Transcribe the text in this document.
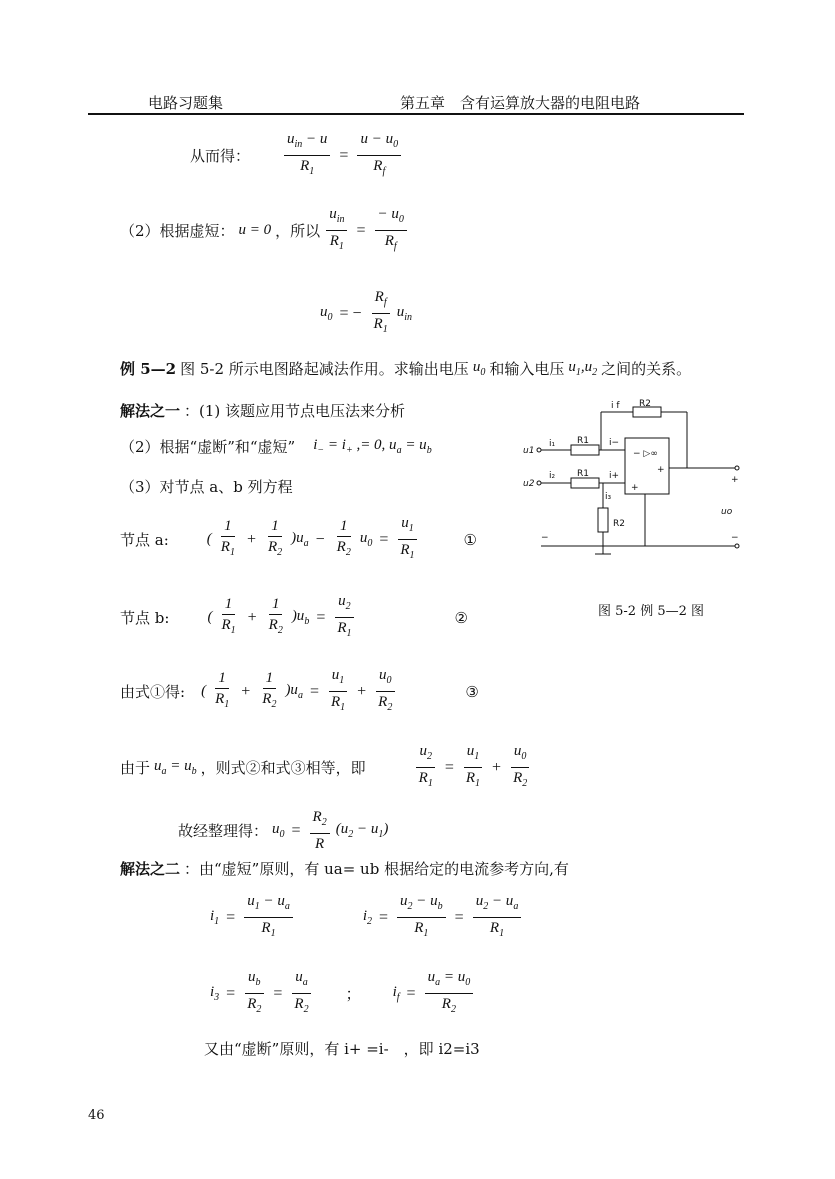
电路习题集	第五章　含有运算放大器的电阻电路
从而得： $\frac{u_{in} - u}{R_1} = \frac{u - u_0}{R_f}$
（2）根据虚短： u = 0 ，所以 $\frac{u_{in}}{R_1} = \frac{- u_0}{R_f}$
$u_0$ = − $\frac{R_f}{R_1} u_{in}$
例 5—2 图 5-2 所示电图路起减法作用。求输出电压 $u_0$ 和输入电压 $u_1,u_2$ 之间的关系。
解法之一 ：(1) 该题应用节点电压法来分析
（2）根据“虚断”和“虚短” $i_- = i_+$ ,= 0, $u_a = u_b$
（3）对节点 a、b 列方程
节点 a:	( $\frac{1}{R_1} + \frac{1}{R_2} )u_a - \frac{1}{R_2} u_0 = \frac{u_1}{R_1}$	①
节点 b:	( $\frac{1}{R_1} + \frac{1}{R_2} )u_b = \frac{u_2}{R_1}$	②
由式①得: ( $\frac{1}{R_1} + \frac{1}{R_2} )u_a = \frac{u_1}{R_1} + \frac{u_0}{R_2}$	③
由于 $u_a = u_b$ ，则式②和式③相等，即	$\frac{u_2}{R_1} = \frac{u_1}{R_1} + \frac{u_0}{R_2}$
故经整理得： $u_0 = \frac{R_2}{R} (u_2 - u_1)$
解法之二 ：由“虚短”原则，有 ua= ub 根据给定的电流参考方向,有
$i_1 = \frac{u_1 - u_a}{R_1}$	$i_2 = \frac{u_2 - u_b}{R_1} = \frac{u_2 - u_a}{R_1}$
$i_3 = \frac{u_b}{R_2} = \frac{u_a}{R_2}$ ； $i_f = \frac{u_a = u_0}{R_2}$
又由“虚断”原则，有 i+ =i-　，即 i2=i3
46
i f R2
R1
R1
R2
i₁
i₂
i₃
i−
i+
u1
u2
uo
− ▷∞
+
+
+
−
−
图 5-2 例 5—2 图
